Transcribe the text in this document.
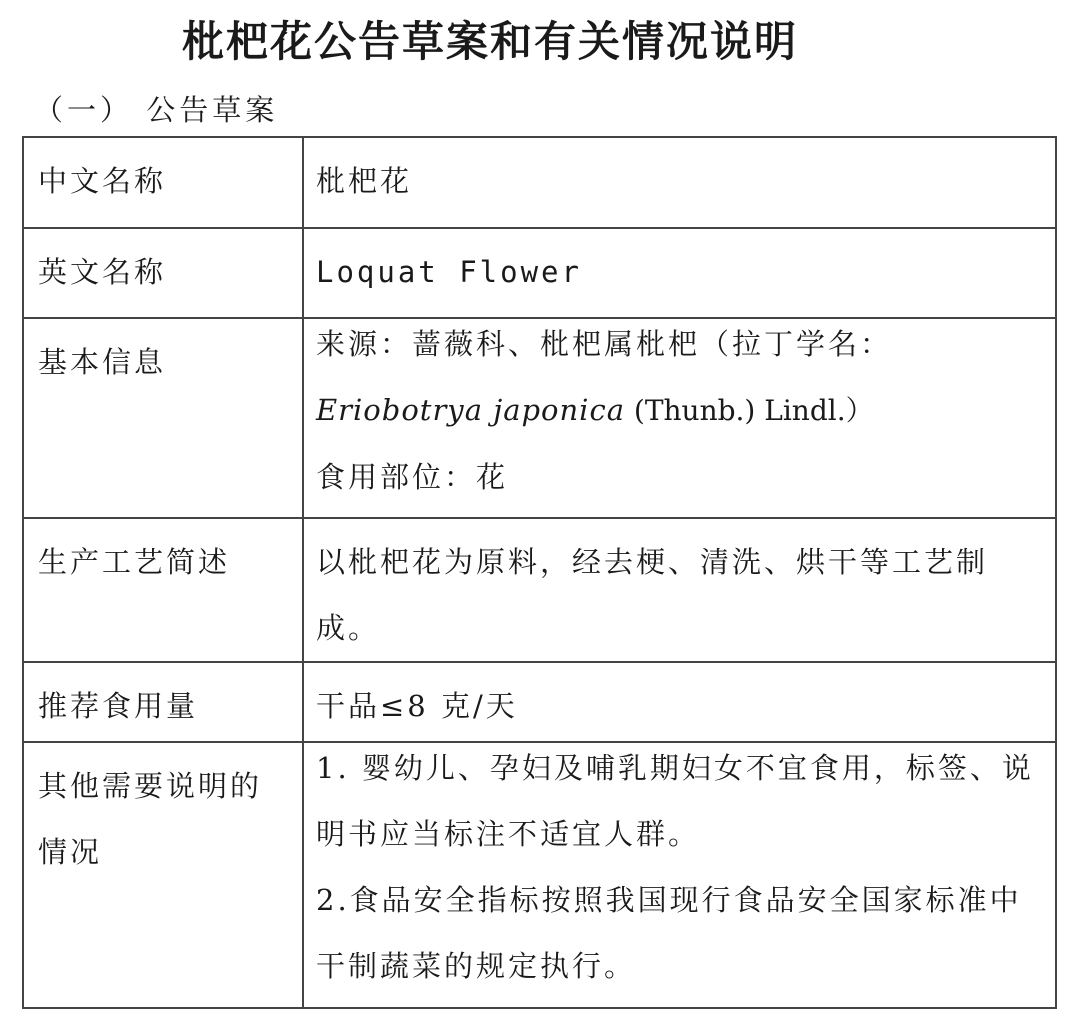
枇杷花公告草案和有关情况说明
（一） 公告草案
中文名称	枇杷花
英文名称	Loquat Flower
基本信息	来源：蔷薇科、枇杷属枇杷（拉丁学名：
Eriobotrya japonica (Thunb.) Lindl.）
食用部位：花

生产工艺简述	以枇杷花为原料，经去梗、清洗、烘干等工艺制成。
推荐食用量	干品≤8 克/天
其他需要说明的情况	1. 婴幼儿、孕妇及哺乳期妇女不宜食用，标签、说明书应当标注不适宜人群。
2.食品安全指标按照我国现行食品安全国家标准中干制蔬菜的规定执行。
